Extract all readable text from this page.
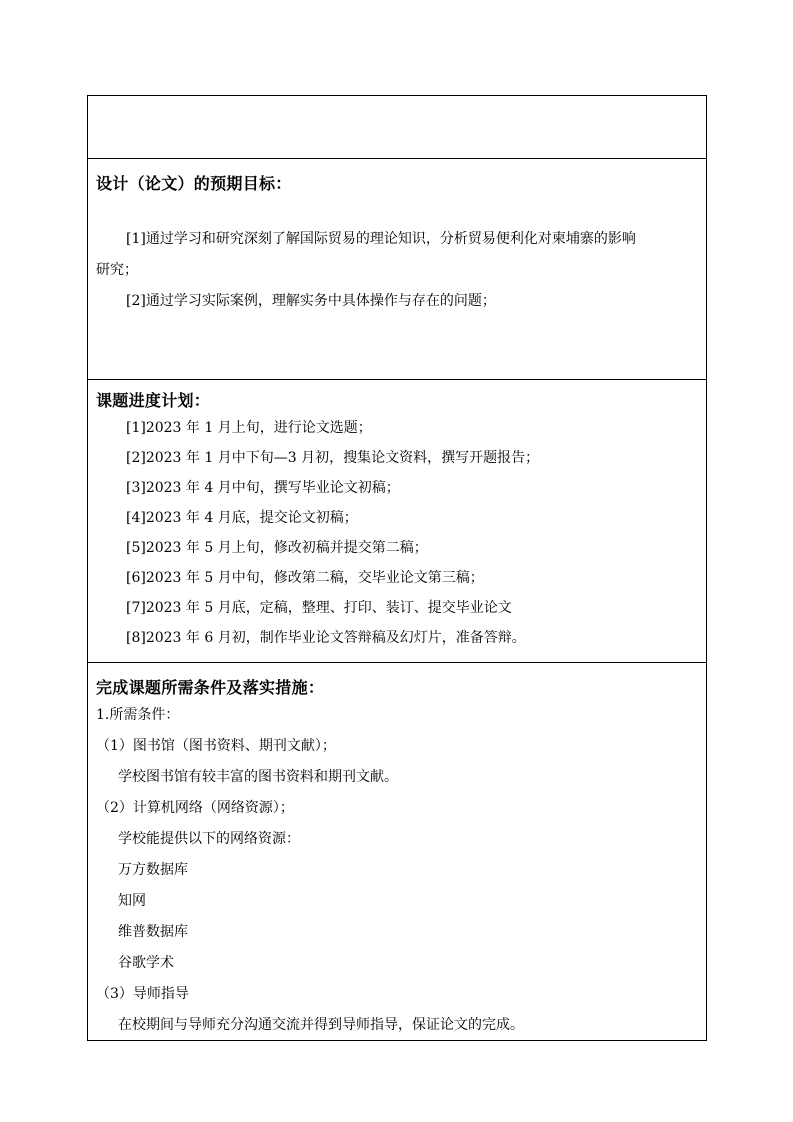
设计（论文）的预期目标：
[1]通过学习和研究深刻了解国际贸易的理论知识，分析贸易便利化对柬埔寨的影响
研究；
[2]通过学习实际案例，理解实务中具体操作与存在的问题；
课题进度计划：
[1]2023 年 1 月上旬，进行论文选题；
[2]2023 年 1 月中下旬—3 月初，搜集论文资料，撰写开题报告；
[3]2023 年 4 月中旬，撰写毕业论文初稿；
[4]2023 年 4 月底，提交论文初稿；
[5]2023 年 5 月上旬，修改初稿并提交第二稿；
[6]2023 年 5 月中旬，修改第二稿，交毕业论文第三稿；
[7]2023 年 5 月底，定稿，整理、打印、装订、提交毕业论文
[8]2023 年 6 月初，制作毕业论文答辩稿及幻灯片，准备答辩。
完成课题所需条件及落实措施：
1.所需条件：
（1）图书馆（图书资料、期刊文献）；
学校图书馆有较丰富的图书资料和期刊文献。
（2）计算机网络（网络资源）；
学校能提供以下的网络资源：
万方数据库
知网
维普数据库
谷歌学术
（3）导师指导
在校期间与导师充分沟通交流并得到导师指导，保证论文的完成。
